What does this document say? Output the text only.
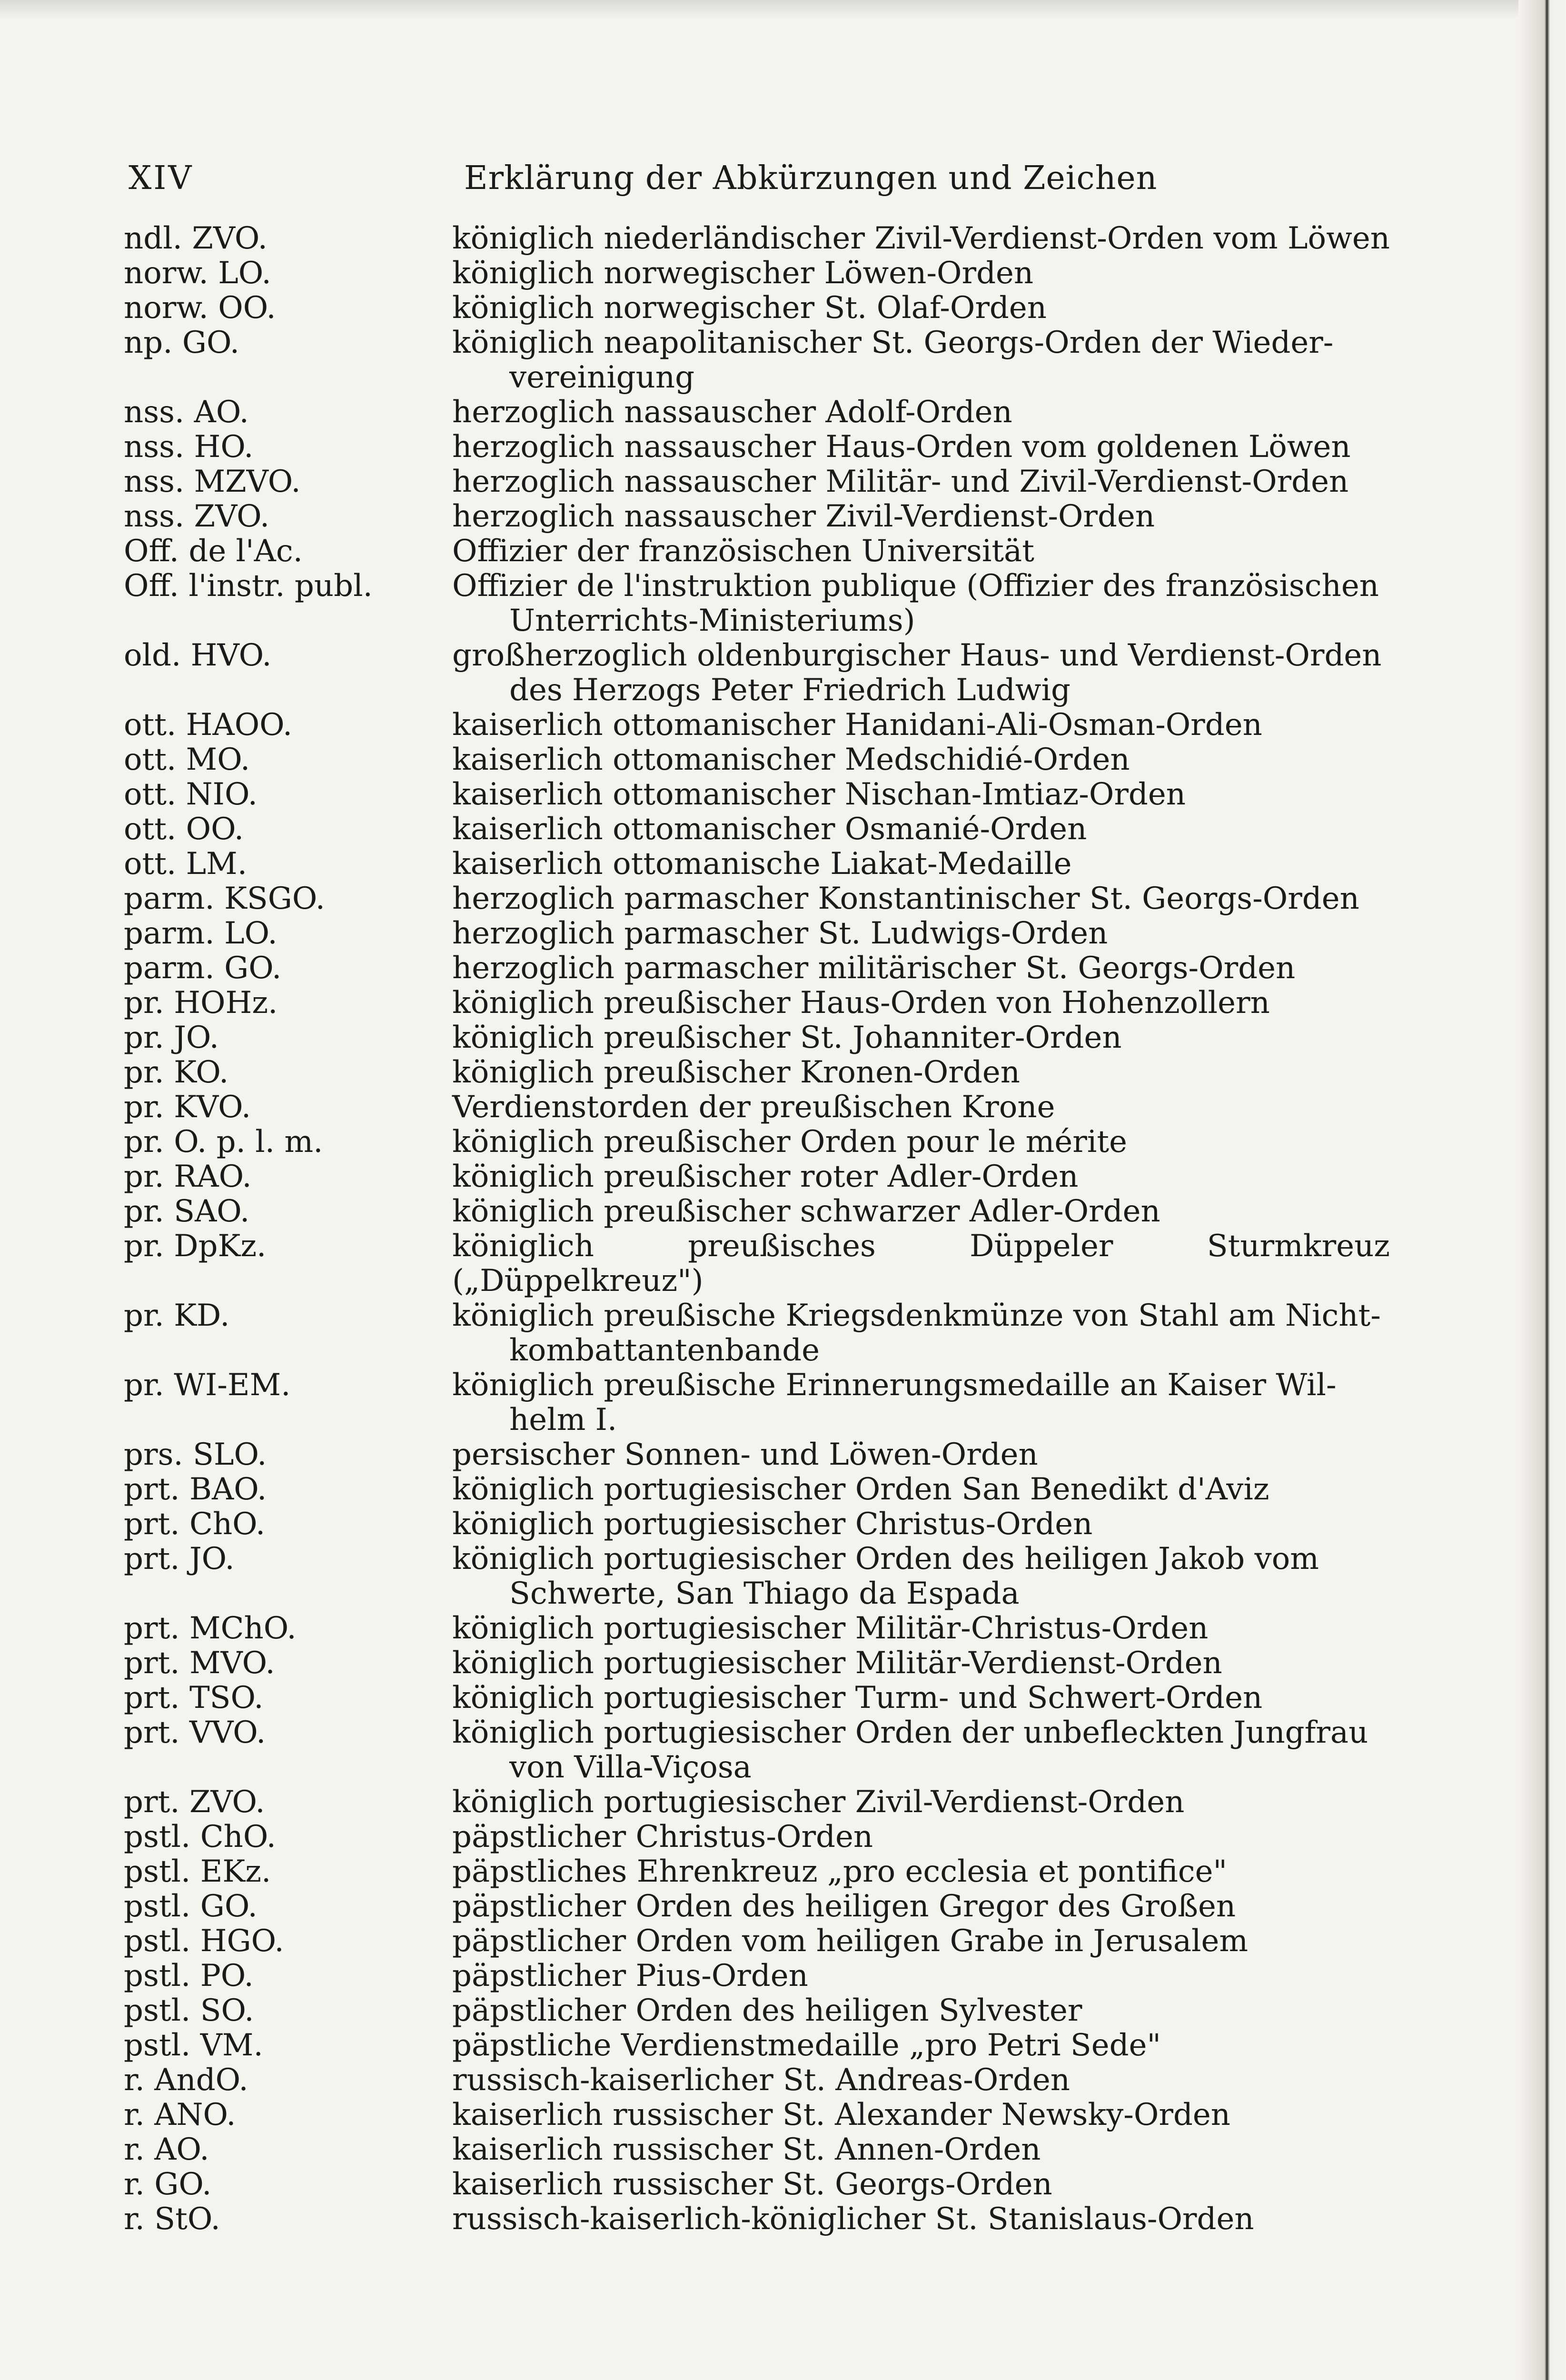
XIV	Erklärung der Abkürzungen und Zeichen
ndl. ZVO.	königlich niederländischer Zivil-Verdienst-Orden vom Löwen
norw. LO.	königlich norwegischer Löwen-Orden
norw. OO.	königlich norwegischer St. Olaf-Orden
np. GO.	königlich neapolitanischer St. Georgs-Orden der Wieder-
vereinigung
nss. AO.	herzoglich nassauscher Adolf-Orden
nss. HO.	herzoglich nassauscher Haus-Orden vom goldenen Löwen
nss. MZVO.	herzoglich nassauscher Militär- und Zivil-Verdienst-Orden
nss. ZVO.	herzoglich nassauscher Zivil-Verdienst-Orden
Off. de l'Ac.	Offizier der französischen Universität
Off. l'instr. publ.	Offizier de l'instruktion publique (Offizier des französischen
Unterrichts-Ministeriums)
old. HVO.	großherzoglich oldenburgischer Haus- und Verdienst-Orden
des Herzogs Peter Friedrich Ludwig
ott. HAOO.	kaiserlich ottomanischer Hanidani-Ali-Osman-Orden
ott. MO.	kaiserlich ottomanischer Medschidié-Orden
ott. NIO.	kaiserlich ottomanischer Nischan-Imtiaz-Orden
ott. OO.	kaiserlich ottomanischer Osmanié-Orden
ott. LM.	kaiserlich ottomanische Liakat-Medaille
parm. KSGO.	herzoglich parmascher Konstantinischer St. Georgs-Orden
parm. LO.	herzoglich parmascher St. Ludwigs-Orden
parm. GO.	herzoglich parmascher militärischer St. Georgs-Orden
pr. HOHz.	königlich preußischer Haus-Orden von Hohenzollern
pr. JO.	königlich preußischer St. Johanniter-Orden
pr. KO.	königlich preußischer Kronen-Orden
pr. KVO.	Verdienstorden der preußischen Krone
pr. O. p. l. m.	königlich preußischer Orden pour le mérite
pr. RAO.	königlich preußischer roter Adler-Orden
pr. SAO.	königlich preußischer schwarzer Adler-Orden
pr. DpKz.	königlich preußisches Düppeler Sturmkreuz („Düppelkreuz")
pr. KD.	königlich preußische Kriegsdenkmünze von Stahl am Nicht-
kombattantenbande
pr. WI-EM.	königlich preußische Erinnerungsmedaille an Kaiser Wil-
helm I.
prs. SLO.	persischer Sonnen- und Löwen-Orden
prt. BAO.	königlich portugiesischer Orden San Benedikt d'Aviz
prt. ChO.	königlich portugiesischer Christus-Orden
prt. JO.	königlich portugiesischer Orden des heiligen Jakob vom
Schwerte, San Thiago da Espada
prt. MChO.	königlich portugiesischer Militär-Christus-Orden
prt. MVO.	königlich portugiesischer Militär-Verdienst-Orden
prt. TSO.	königlich portugiesischer Turm- und Schwert-Orden
prt. VVO.	königlich portugiesischer Orden der unbefleckten Jungfrau
von Villa-Viçosa
prt. ZVO.	königlich portugiesischer Zivil-Verdienst-Orden
pstl. ChO.	päpstlicher Christus-Orden
pstl. EKz.	päpstliches Ehrenkreuz „pro ecclesia et pontifice"
pstl. GO.	päpstlicher Orden des heiligen Gregor des Großen
pstl. HGO.	päpstlicher Orden vom heiligen Grabe in Jerusalem
pstl. PO.	päpstlicher Pius-Orden
pstl. SO.	päpstlicher Orden des heiligen Sylvester
pstl. VM.	päpstliche Verdienstmedaille „pro Petri Sede"
r. AndO.	russisch-kaiserlicher St. Andreas-Orden
r. ANO.	kaiserlich russischer St. Alexander Newsky-Orden
r. AO.	kaiserlich russischer St. Annen-Orden
r. GO.	kaiserlich russischer St. Georgs-Orden
r. StO.	russisch-kaiserlich-königlicher St. Stanislaus-Orden
